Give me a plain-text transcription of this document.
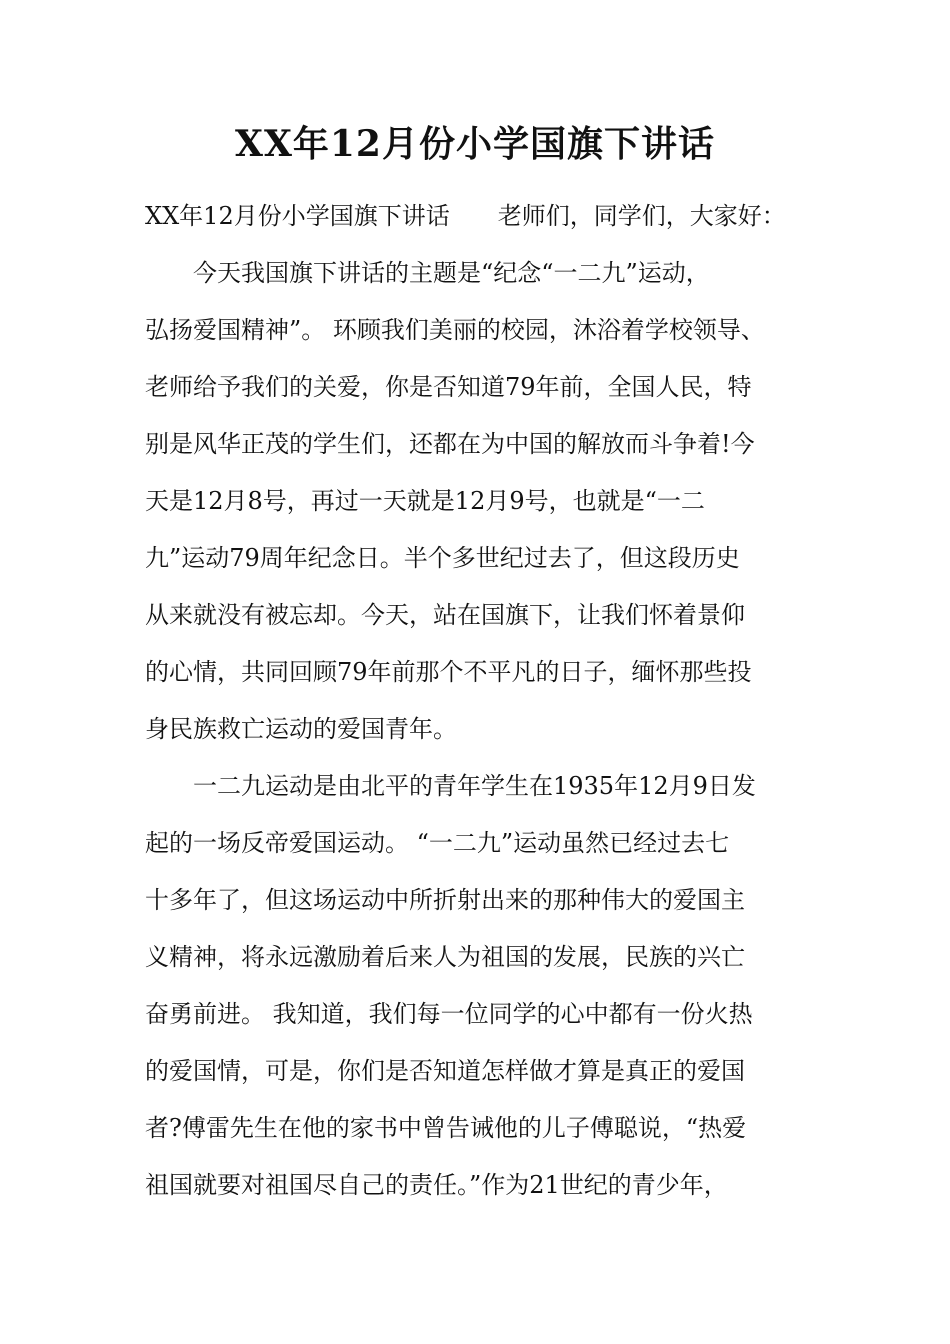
XX年12月份小学国旗下讲话

XX年12月份小学国旗下讲话　　老师们，同学们，大家好：

　　今天我国旗下讲话的主题是“纪念“一二九”运动，

弘扬爱国精神”。 环顾我们美丽的校园，沐浴着学校领导、

老师给予我们的关爱，你是否知道79年前，全国人民，特

别是风华正茂的学生们，还都在为中国的解放而斗争着!今

天是12月8号，再过一天就是12月9号，也就是“一二

九”运动79周年纪念日。半个多世纪过去了，但这段历史

从来就没有被忘却。今天，站在国旗下，让我们怀着景仰

的心情，共同回顾79年前那个不平凡的日子，缅怀那些投

身民族救亡运动的爱国青年。

　　一二九运动是由北平的青年学生在1935年12月9日发

起的一场反帝爱国运动。 “一二九”运动虽然已经过去七

十多年了，但这场运动中所折射出来的那种伟大的爱国主

义精神，将永远激励着后来人为祖国的发展，民族的兴亡

奋勇前进。 我知道，我们每一位同学的心中都有一份火热

的爱国情，可是，你们是否知道怎样做才算是真正的爱国

者?傅雷先生在他的家书中曾告诫他的儿子傅聪说，“热爱

祖国就要对祖国尽自己的责任。”作为21世纪的青少年，
